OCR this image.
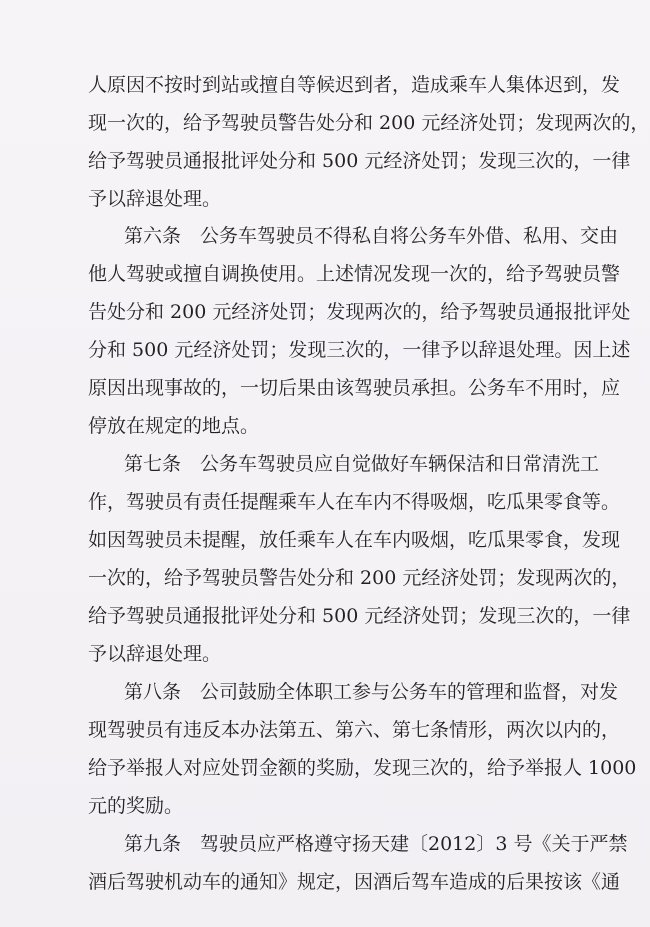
人原因不按时到站或擅自等候迟到者，造成乘车人集体迟到，发
现一次的，给予驾驶员警告处分和 200 元经济处罚；发现两次的，
给予驾驶员通报批评处分和 500 元经济处罚；发现三次的，一律
予以辞退处理。
第六条　公务车驾驶员不得私自将公务车外借、私用、交由
他人驾驶或擅自调换使用。上述情况发现一次的，给予驾驶员警
告处分和 200 元经济处罚；发现两次的，给予驾驶员通报批评处
分和 500 元经济处罚；发现三次的，一律予以辞退处理。因上述
原因出现事故的，一切后果由该驾驶员承担。公务车不用时，应
停放在规定的地点。
第七条　公务车驾驶员应自觉做好车辆保洁和日常清洗工
作，驾驶员有责任提醒乘车人在车内不得吸烟，吃瓜果零食等。
如因驾驶员未提醒，放任乘车人在车内吸烟，吃瓜果零食，发现
一次的，给予驾驶员警告处分和 200 元经济处罚；发现两次的，
给予驾驶员通报批评处分和 500 元经济处罚；发现三次的，一律
予以辞退处理。
第八条　公司鼓励全体职工参与公务车的管理和监督，对发
现驾驶员有违反本办法第五、第六、第七条情形，两次以内的，
给予举报人对应处罚金额的奖励，发现三次的，给予举报人 1000
元的奖励。
第九条　驾驶员应严格遵守扬天建〔2012〕3 号《关于严禁
酒后驾驶机动车的通知》规定，因酒后驾车造成的后果按该《通
